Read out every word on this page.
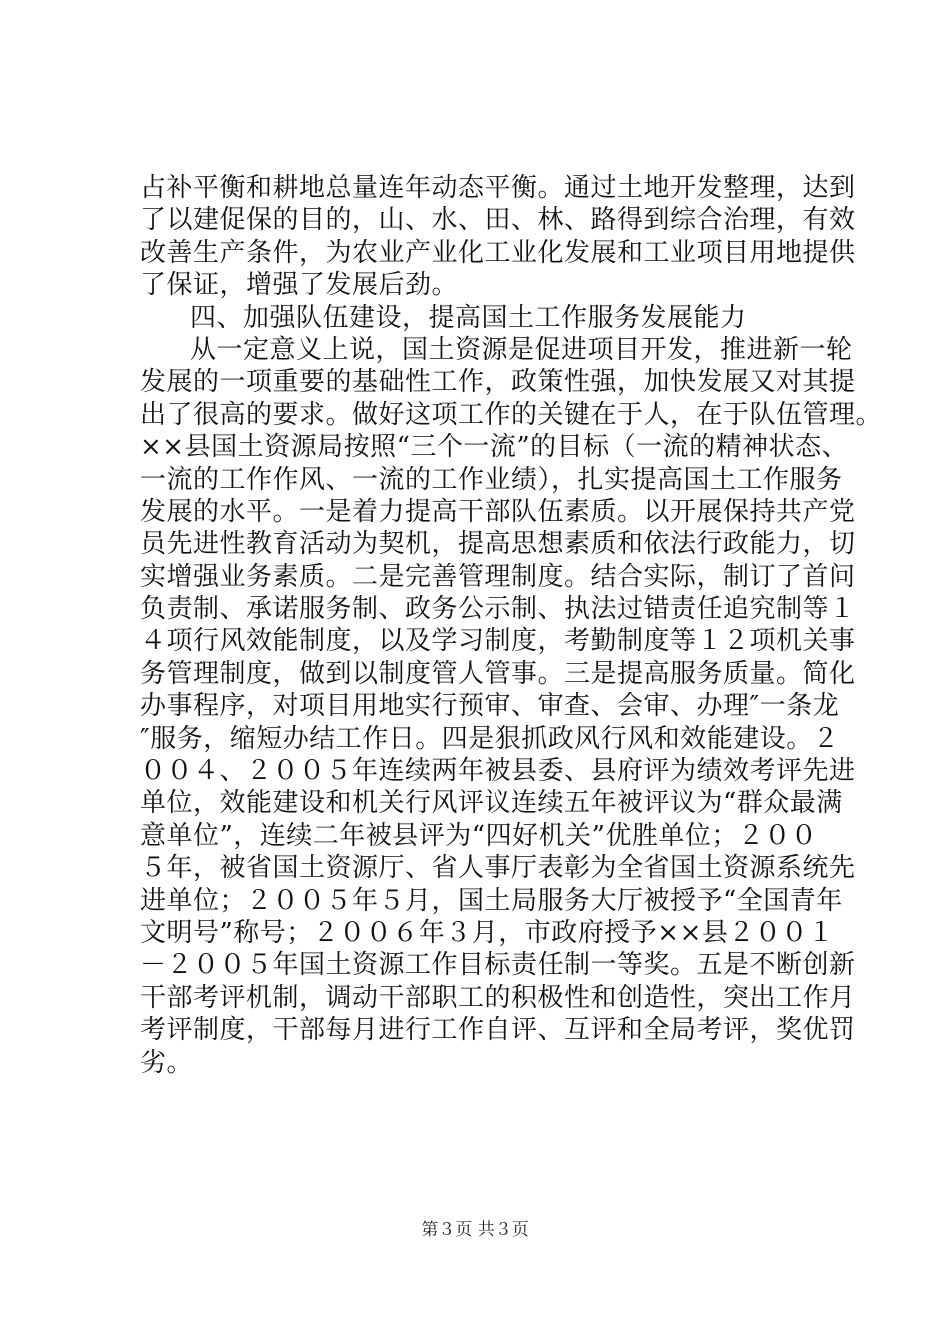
占补平衡和耕地总量连年动态平衡。通过土地开发整理，达到
了以建促保的目的，山、水、田、林、路得到综合治理，有效
改善生产条件，为农业产业化工业化发展和工业项目用地提供
了保证，增强了发展后劲。
四、加强队伍建设，提高国土工作服务发展能力
从一定意义上说，国土资源是促进项目开发，推进新一轮
发展的一项重要的基础性工作，政策性强，加快发展又对其提
出了很高的要求。做好这项工作的关键在于人，在于队伍管理。
××县国土资源局按照“三个一流”的目标（一流的精神状态、
一流的工作作风、一流的工作业绩），扎实提高国土工作服务
发展的水平。一是着力提高干部队伍素质。以开展保持共产党
员先进性教育活动为契机，提高思想素质和依法行政能力，切
实增强业务素质。二是完善管理制度。结合实际，制订了首问
负责制、承诺服务制、政务公示制、执法过错责任追究制等１
４项行风效能制度，以及学习制度，考勤制度等１２项机关事
务管理制度，做到以制度管人管事。三是提高服务质量。简化
办事程序，对项目用地实行预审、审查、会审、办理″一条龙
″服务，缩短办结工作日。四是狠抓政风行风和效能建设。２
００４、２００５年连续两年被县委、县府评为绩效考评先进
单位，效能建设和机关行风评议连续五年被评议为“群众最满
意单位”，连续二年被县评为“四好机关”优胜单位；２００
５年，被省国土资源厅、省人事厅表彰为全省国土资源系统先
进单位；２００５年５月，国土局服务大厅被授予“全国青年
文明号”称号；２００６年３月，市政府授予××县２００１
－２００５年国土资源工作目标责任制一等奖。五是不断创新
干部考评机制，调动干部职工的积极性和创造性，突出工作月
考评制度，干部每月进行工作自评、互评和全局考评，奖优罚
劣。
第３页 共３页
